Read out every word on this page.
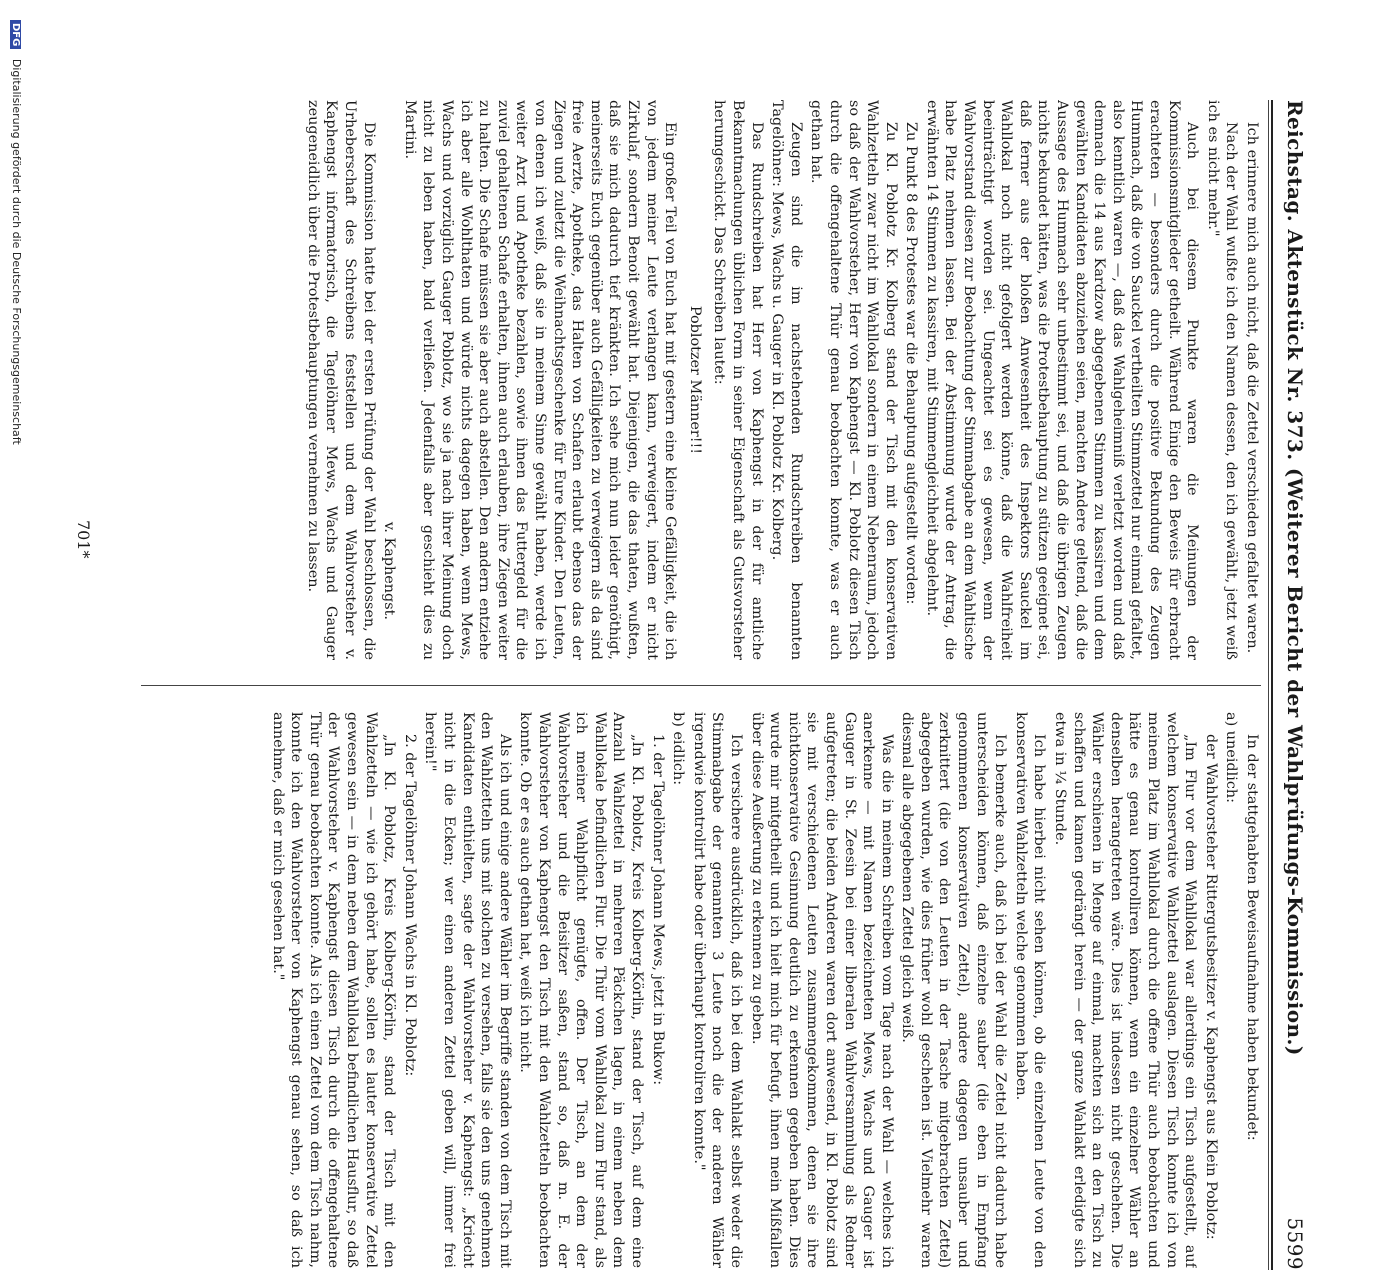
Reichstag. Aktenstück Nr. 373. (Weiterer Bericht der Wahlprüfungs-Kommission.)
5599

Ich erinnere mich auch nicht, daß die Zettel verschieden gefaltet waren.

Nach der Wahl wußte ich den Namen dessen, den ich gewählt, jetzt weiß ich es nicht mehr."

Auch bei diesem Punkte waren die Meinungen der Kommissionsmitglieder getheilt. Während Einige den Beweis für erbracht erachteten — besonders durch die positive Bekundung des Zeugen Hummach, daß die von Sauckel vertheilten Stimmzettel nur einmal gefaltet, also kenntlich waren —, daß das Wahlgeheimniß verletzt worden und daß demnach die 14 aus Kardzow abgegebenen Stimmen zu kassiren und dem gewählten Kandidaten abzuziehen seien, machten Andere geltend, daß die Aussage des Hummach sehr unbestimmt sei, und daß die übrigen Zeugen nichts bekundet hätten, was die Protestbehauptung zu stützen geeignet sei, daß ferner aus der bloßen Anwesenheit des Inspektors Sauckel im Wahllokal noch nicht gefolgert werden könne, daß die Wahlfreiheit beeinträchtigt worden sei. Ungeachtet sei es gewesen, wenn der Wahlvorstand diesen zur Beobachtung der Stimmabgabe an dem Wahltische habe Platz nehmen lassen. Bei der Abstimmung wurde der Antrag, die erwähnten 14 Stimmen zu kassiren, mit Stimmengleichheit abgelehnt.

Zu Punkt 8 des Protestes war die Behauptung aufgestellt worden:

Zu Kl. Poblotz Kr. Kolberg stand der Tisch mit den konservativen Wahlzetteln zwar nicht im Wahllokal sondern in einem Nebenraum, jedoch so daß der Wahlvorsteher, Herr von Kaphengst — Kl. Poblotz diesen Tisch durch die offengehaltene Thür genau beobachten konnte, was er auch gethan hat.

Zeugen sind die im nachstehenden Rundschreiben benannten Tagelöhner: Mews, Wachs u. Gauger in Kl. Poblotz Kr. Kolberg.

Das Rundschreiben hat Herr von Kaphengst in der für amtliche Bekanntmachungen üblichen Form in seiner Eigenschaft als Gutsvorsteher herumgeschickt. Das Schreiben lautet:

Poblotzer Männer!!!

Ein großer Teil von Euch hat mit gestern eine kleine Gefälligkeit, die ich von jedem meiner Leute verlangen kann, verweigert, indem er nicht Zirkulaf, sondern Benoit gewählt hat. Diejenigen, die das thaten, wußten, daß sie mich dadurch tief kränkten. Ich sehe mich nun leider genöthigt, meinerseits Euch gegenüber auch Gefälligkeiten zu verweigern als da sind freie Aerzte, Apotheke, das Halten von Schafen erlaubt ebenso das der Ziegen und zuletzt die Weihnachtsgeschenke für Eure Kinder. Den Leuten, von denen ich weiß, daß sie in meinem Sinne gewählt haben, werde ich weiter Arzt und Apotheke bezahlen, sowie ihnen das Futtergeld für die zuviel gehaltenen Schafe erhalten, ihnen auch erlauben, ihre Ziegen weiter zu halten. Die Schafe müssen sie aber auch abstellen. Den andern entziehe ich aber alle Wohlthaten und würde nichts dagegen haben, wenn Mews, Wachs und vorzüglich Gauger Poblotz, wo sie ja nach ihrer Meinung doch nicht zu leben haben, bald verließen. Jedenfalls aber geschieht dies zu Martini.

v. Kaphengst.

Die Kommission hatte bei der ersten Prüfung der Wahl beschlossen, die Urheberschaft des Schreibens feststellen und dem Wahlvorsteher v. Kaphengst informatorisch, die Tagelöhner Mews, Wachs und Gauger zeugeneidlich über die Protestbehauptungen vernehmen zu lassen.

In der stattgehabten Beweisaufnahme haben bekundet:

a) uneidlich:

der Wahlvorsteher Rittergutsbesitzer v. Kaphengst aus Klein Poblotz:

„Im Flur vor dem Wahllokal war allerdings ein Tisch aufgestellt, auf welchem konservative Wahlzettel auslagen. Diesen Tisch konnte ich von meinem Platz im Wahllokal durch die offene Thür auch beobachten und hätte es genau kontrolliren können, wenn ein einzelner Wähler an denselben herangetreten wäre. Dies ist indessen nicht geschehen. Die Wähler erschienen in Menge auf einmal, machten sich an den Tisch zu schaffen und kamen gedrängt herein — der ganze Wahlakt erledigte sich etwa in ¼ Stunde.

Ich habe hierbei nicht sehen können, ob die einzelnen Leute von den konservativen Wahlzetteln welche genommen haben.

Ich bemerke auch, daß ich bei der Wahl die Zettel nicht dadurch habe unterscheiden können, daß einzelne sauber (die eben in Empfang genommenen konservativen Zettel), andere dagegen unsauber und zerknittert (die von den Leuten in der Tasche mitgebrachten Zettel) abgegeben wurden, wie dies früher wohl geschehen ist. Vielmehr waren diesmal alle abgegebenen Zettel gleich weiß.

Was die in meinem Schreiben vom Tage nach der Wahl — welches ich anerkenne — mit Namen bezeichneten Mews, Wachs und Gauger ist Gauger in St. Zeesin bei einer liberalen Wahlversammlung als Redner aufgetreten; die beiden Anderen waren dort anwesend, in Kl. Poblotz sind sie mit verschiedenen Leuten zusammengekommen, denen sie ihre nichtkonservative Gesinnung deutlich zu erkennen gegeben haben. Dies wurde mir mitgetheilt und ich hielt mich für befugt, ihnen mein Mißfallen über diese Aeußerung zu erkennen zu geben.

Ich versichere ausdrücklich, daß ich bei dem Wahlakt selbst weder die Stimmabgabe der genannten 3 Leute noch die der anderen Wähler irgendwie kontrolirt habe oder überhaupt kontroliren konnte."

b) eidlich:

1. der Tagelöhner Johann Mews, jetzt in Bukow:

„In Kl. Poblotz, Kreis Kolberg-Körlin, stand der Tisch, auf dem eine Anzahl Wahlzettel in mehreren Päckchen lagen, in einem neben dem Wahllokale befindlichen Flur. Die Thür vom Wahllokal zum Flur stand, als ich meiner Wahlpflicht genügte, offen. Der Tisch, an dem der Wahlvorsteher und die Beisitzer saßen, stand so, daß m. E. der Wahlvorsteher von Kaphengst den Tisch mit den Wahlzetteln beobachten konnte. Ob er es auch gethan hat, weiß ich nicht.

Als ich und einige andere Wähler im Begriffe standen von dem Tisch mit den Wahlzetteln uns mit solchen zu versehen, falls sie den uns genehmen Kandidaten enthielten, sagte der Wahlvorsteher v. Kaphengst: „Kriecht nicht in die Ecken; wer einen anderen Zettel geben will, immer frei herein!"

2. der Tagelöhner Johann Wachs in Kl. Poblotz:

„In Kl. Poblotz, Kreis Kolberg-Körlin, stand der Tisch mit den Wahlzetteln — wie ich gehört habe, sollen es lauter konservative Zettel gewesen sein — in dem neben dem Wahllokal befindlichen Hausflur, so daß der Wahlvorsteher v. Kaphengst diesen Tisch durch die offengehaltene Thür genau beobachten konnte. Als ich einen Zettel vom dem Tisch nahm, konnte ich den Wahlvorsteher von Kaphengst genau sehen, so daß ich annehme, daß er mich gesehen hat."

701*
DFG Digitalisierung gefördert durch die Deutsche Forschungsgemeinschaft
